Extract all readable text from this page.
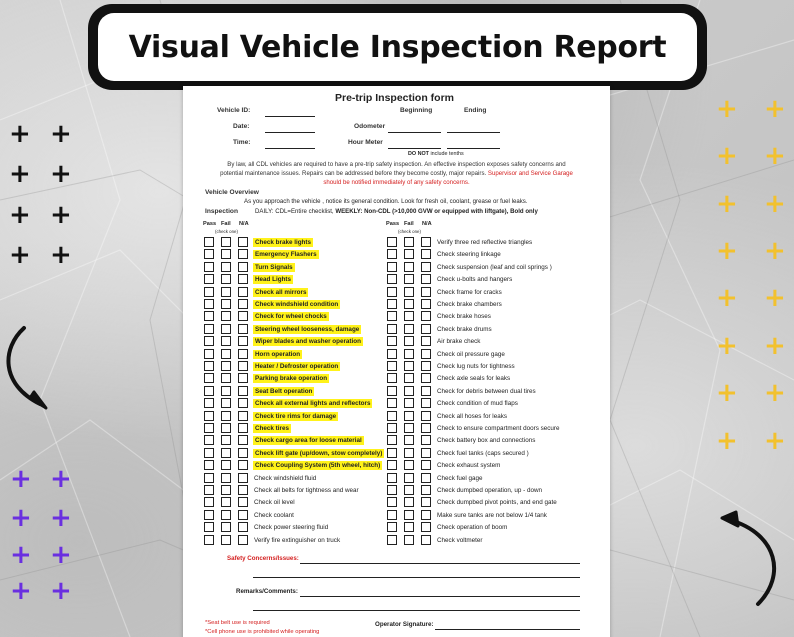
Visual Vehicle Inspection Report
+ +
+ +
+ +
+ +
+ +
+ +
+ +
+ +
+ +
+ +
+ +
+ +
+ +
+ +
+ +
+ +
Pre-trip Inspection form
Vehicle ID:	Beginning	Ending
Date:	Odometer
Time:	Hour Meter
DO NOT include tenths
By law, all CDL vehicles are required to have a pre-trip safety inspection. An effective inspection exposes safety concerns and
potential maintenance issues. Repairs can be addressed before they become costly, major repairs. Supervisor and Service Garage
should be notified immediately of any safety concerns.
Vehicle Overview
As you approach the vehicle , notice its general condition. Look for fresh oil, coolant, grease or fuel leaks.
Inspection	DAILY: CDL=Entire checklist, WEEKLY: Non-CDL (>10,000 GVW or equipped with liftgate), Bold only
Pass Fail N/A
(check one)
Pass Fail N/A
(check one)
Check brake lights
Emergency Flashers
Turn Signals
Head Lights
Check all mirrors
Check windshield condition
Check for wheel chocks
Steering wheel looseness, damage
Wiper blades and washer operation
Horn operation
Heater / Defroster operation
Parking brake operation
Seat Belt operation
Check all external lights and reflectors
Check tire rims for damage
Check tires
Check cargo area for loose material
Check lift gate (up/down, stow completely)
Check Coupling System (5th wheel, hitch)
Check windshield fluid
Check all belts for tightness and wear
Check oil level
Check coolant
Check power steering fluid
Verify fire extinguisher on truck
Verify three red reflective triangles
Check steering linkage
Check suspension (leaf and coil springs )
Check u-bolts and hangers
Check frame for cracks
Check brake chambers
Check brake hoses
Check brake drums
Air brake check
Check oil pressure gage
Check lug nuts for tightness
Check axle seals for leaks
Check for debris between dual tires
Check condition of mud flaps
Check all hoses for leaks
Check to ensure compartment doors secure
Check battery box and connections
Check fuel tanks (caps secured )
Check exhaust system
Check fuel gage
Check dumpbed operation, up - down
Check dumpbed pivot points, and end gate
Make sure tanks are not below 1/4 tank
Check operation of boom
Check voltmeter
Safety Concerns/Issues:
Remarks/Comments:
*Seat belt use is required	Operator Signature:
*Cell phone use is prohibited while operating
